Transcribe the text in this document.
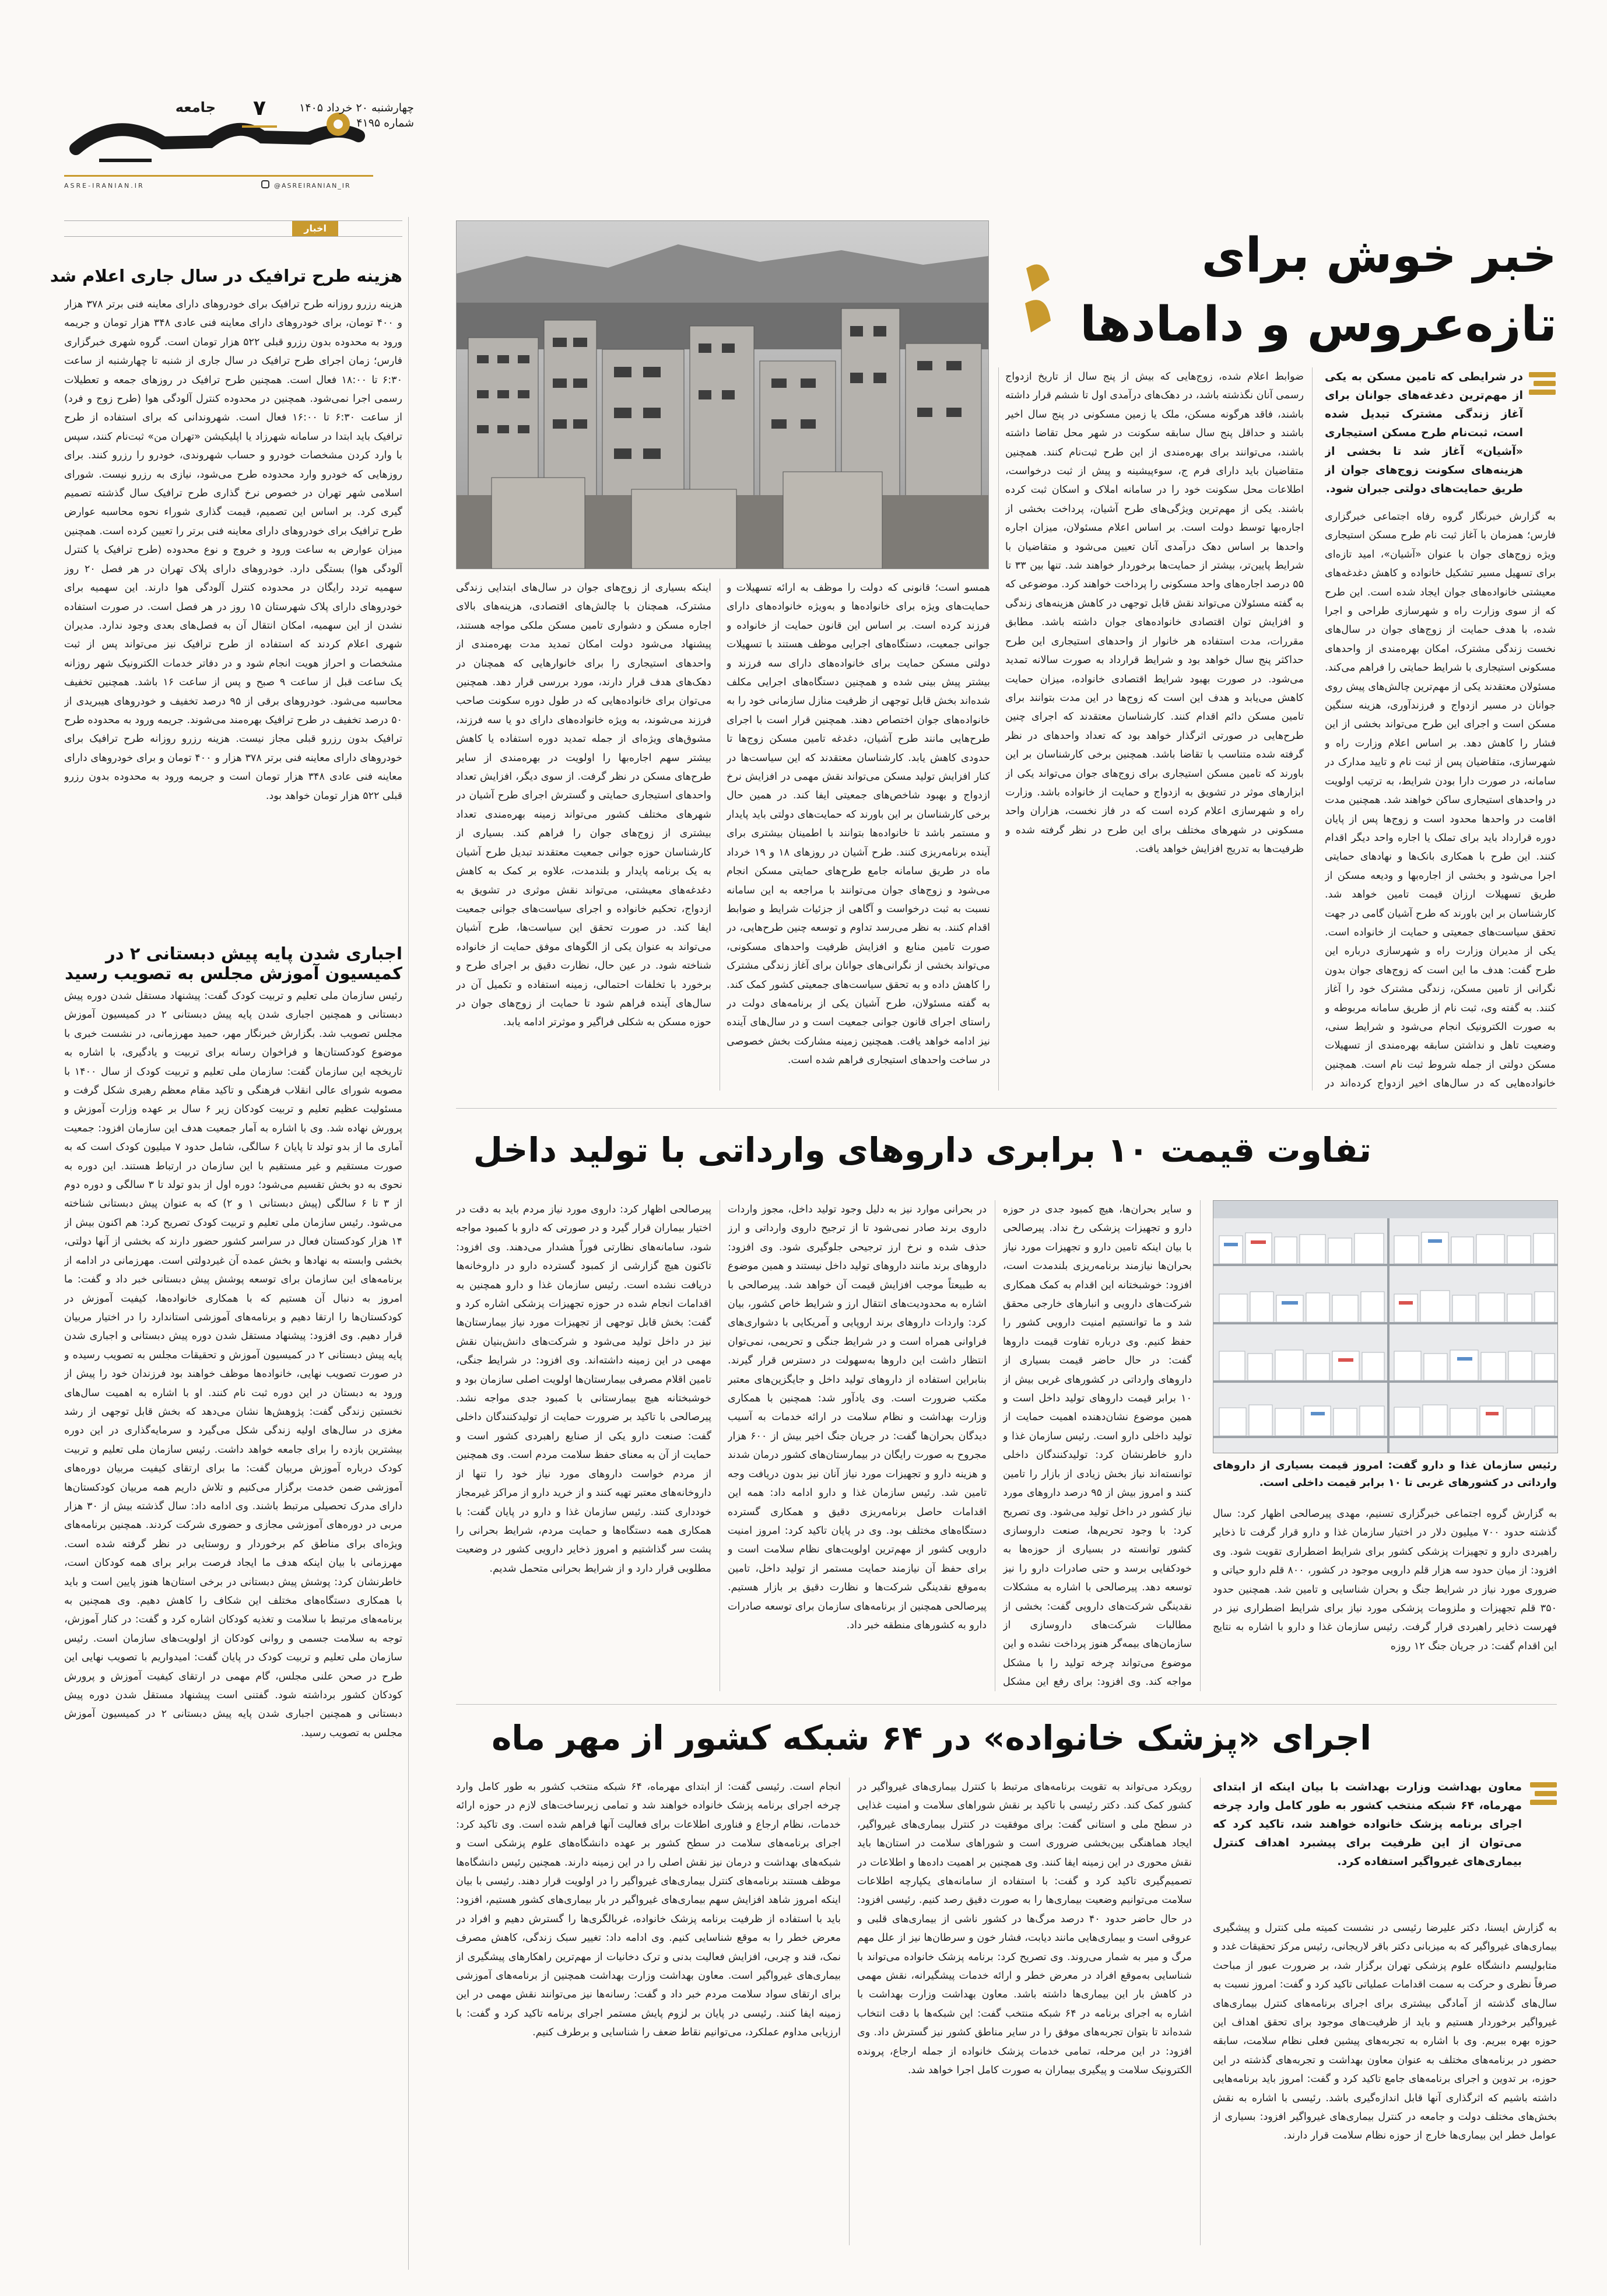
ASRE-IRANIAN.IR	@ASREIRANIAN_IR
جامعه	۷	چهارشنبه ۲۰ خرداد ۱۴۰۵
شماره ۴۱۹۵
اخبار
هزینه طرح ترافیک در سال جاری اعلام شد
هزینه رزرو روزانه طرح ترافیک برای خودروهای دارای معاینه فنی برتر ۳۷۸ هزار و ۴۰۰ تومان، برای خودروهای دارای معاینه فنی عادی ۳۴۸ هزار تومان و جریمه ورود به محدوده بدون رزرو قبلی ۵۲۲ هزار تومان است. گروه شهری خبرگزاری فارس؛ زمان اجرای طرح ترافیک در سال جاری از شنبه تا چهارشنبه از ساعت ۶:۳۰ تا ۱۸:۰۰ فعال است. همچنین طرح ترافیک در روزهای جمعه و تعطیلات رسمی اجرا نمی‌شود. همچنین در محدوده کنترل آلودگی هوا (طرح زوج و فرد) از ساعت ۶:۳۰ تا ۱۶:۰۰ فعال است. شهروندانی که برای استفاده از طرح ترافیک باید ابتدا در سامانه شهرزاد یا اپلیکیشن «تهران من» ثبت‌نام کنند، سپس با وارد کردن مشخصات خودرو و حساب شهروندی، خودرو را رزرو کنند. برای روزهایی که خودرو وارد محدوده طرح می‌شود، نیازی به رزرو نیست. شورای اسلامی شهر تهران در خصوص نرخ گذاری طرح ترافیک سال گذشته تصمیم گیری کرد. بر اساس این تصمیم، قیمت گذاری شوراء نحوه محاسبه عوارض طرح ترافیک برای خودروهای دارای معاینه فنی برتر را تعیین کرده است. همچنین میزان عوارض به ساعت ورود و خروج و نوع محدوده (طرح ترافیک یا کنترل آلودگی هوا) بستگی دارد. خودروهای دارای پلاک تهران در هر فصل ۲۰ روز سهمیه تردد رایگان در محدوده کنترل آلودگی هوا دارند. این سهمیه برای خودروهای دارای پلاک شهرستان ۱۵ روز در هر فصل است. در صورت استفاده نشدن از این سهمیه، امکان انتقال آن به فصل‌های بعدی وجود ندارد. مدیران شهری اعلام کردند که استفاده از طرح ترافیک نیز می‌تواند پس از ثبت مشخصات و احراز هویت انجام شود و در دفاتر خدمات الکترونیک شهر روزانه یک ساعت قبل از ساعت ۹ صبح و پس از ساعت ۱۶ باشد. همچنین تخفیف محاسبه می‌شود. خودروهای برقی از ۹۵ درصد تخفیف و خودروهای هیبریدی از ۵۰ درصد تخفیف در طرح ترافیک بهره‌مند می‌شوند. جریمه ورود به محدوده طرح ترافیک بدون رزرو قبلی مجاز نیست. هزینه رزرو روزانه طرح ترافیک برای خودروهای دارای معاینه فنی برتر ۳۷۸ هزار و ۴۰۰ تومان و برای خودروهای دارای معاینه فنی عادی ۳۴۸ هزار تومان است و جریمه ورود به محدوده بدون رزرو قبلی ۵۲۲ هزار تومان خواهد بود.
اجباری شدن پایه پیش دبستانی ۲ در
کمیسیون آموزش مجلس به تصویب رسید
رئیس سازمان ملی تعلیم و تربیت کودک گفت: پیشنهاد مستقل شدن دوره پیش دبستانی و همچنین اجباری شدن پایه پیش دبستانی ۲ در کمیسیون آموزش مجلس تصویب شد. بگزارش خبرنگار مهر، حمید مهرزمانی، در نشست خبری با موضوع کودکستان‌ها و فراخوان رسانه برای تربیت و یادگیری، با اشاره به تاریخچه این سازمان گفت: سازمان ملی تعلیم و تربیت کودک از سال ۱۴۰۰ با مصوبه شورای عالی انقلاب فرهنگی و تاکید مقام معظم رهبری شکل گرفت و مسئولیت عظیم تعلیم و تربیت کودکان زیر ۶ سال بر عهده وزارت آموزش و پرورش نهاده شد. وی با اشاره به آمار جمعیت هدف این سازمان افزود: جمعیت آماری ما از بدو تولد تا پایان ۶ سالگی، شامل حدود ۷ میلیون کودک است که به صورت مستقیم و غیر مستقیم با این سازمان در ارتباط هستند. این دوره به نحوی به دو بخش تقسیم می‌شود؛ دوره اول از بدو تولد تا ۳ سالگی و دوره دوم از ۳ تا ۶ سالگی (پیش دبستانی ۱ و ۲) که به عنوان پیش دبستانی شناخته می‌شود. رئیس سازمان ملی تعلیم و تربیت کودک تصریح کرد: هم اکنون بیش از ۱۴ هزار کودکستان فعال در سراسر کشور حضور دارند که بخشی از آنها دولتی، بخشی وابسته به نهادها و بخش عمده آن غیردولتی است. مهرزمانی در ادامه از برنامه‌های این سازمان برای توسعه پوشش پیش دبستانی خبر داد و گفت: ما امروز به دنبال آن هستیم که با همکاری خانواده‌ها، کیفیت آموزش در کودکستان‌ها را ارتقا دهیم و برنامه‌های آموزشی استاندارد را در اختیار مربیان قرار دهیم. وی افزود: پیشنهاد مستقل شدن دوره پیش دبستانی و اجباری شدن پایه پیش دبستانی ۲ در کمیسیون آموزش و تحقیقات مجلس به تصویب رسیده و در صورت تصویب نهایی، خانواده‌ها موظف خواهند بود فرزندان خود را پیش از ورود به دبستان در این دوره ثبت نام کنند. او با اشاره به اهمیت سال‌های نخستین زندگی گفت: پژوهش‌ها نشان می‌دهد که بخش قابل توجهی از رشد مغزی در سال‌های اولیه زندگی شکل می‌گیرد و سرمایه‌گذاری در این دوره بیشترین بازده را برای جامعه خواهد داشت. رئیس سازمان ملی تعلیم و تربیت کودک درباره آموزش مربیان گفت: ما برای ارتقای کیفیت مربیان دوره‌های آموزشی ضمن خدمت برگزار می‌کنیم و تلاش داریم همه مربیان کودکستان‌ها دارای مدرک تحصیلی مرتبط باشند. وی ادامه داد: سال گذشته بیش از ۳۰ هزار مربی در دوره‌های آموزشی مجازی و حضوری شرکت کردند. همچنین برنامه‌های ویژه‌ای برای مناطق کم برخوردار و روستایی در نظر گرفته شده است. مهرزمانی با بیان اینکه هدف ما ایجاد فرصت برابر برای همه کودکان است، خاطرنشان کرد: پوشش پیش دبستانی در برخی استان‌ها هنوز پایین است و باید با همکاری دستگاه‌های مختلف این شکاف را کاهش دهیم. وی همچنین به برنامه‌های مرتبط با سلامت و تغذیه کودکان اشاره کرد و گفت: در کنار آموزش، توجه به سلامت جسمی و روانی کودکان از اولویت‌های سازمان است. رئیس سازمان ملی تعلیم و تربیت کودک در پایان گفت: امیدواریم با تصویب نهایی این طرح در صحن علنی مجلس، گام مهمی در ارتقای کیفیت آموزش و پرورش کودکان کشور برداشته شود. گفتنی است پیشنهاد مستقل شدن دوره پیش دبستانی و همچنین اجباری شدن پایه پیش دبستانی ۲ در کمیسیون آموزش مجلس به تصویب رسید.
خبر خوش برای
تازه‌عروس و دامادها
در شرایطی که تامین مسکن به یکی از مهم‌ترین دغدغه‌های جوانان برای آغاز زندگی مشترک تبدیل شده است، ثبت‌نام طرح مسکن استیجاری «آشیان» آغاز شد تا بخشی از هزینه‌های سکونت زوج‌های جوان از طریق حمایت‌های دولتی جبران شود.
به گزارش خبرنگار گروه رفاه اجتماعی خبرگزاری فارس؛ همزمان با آغاز ثبت نام طرح مسکن استیجاری ویژه زوج‌های جوان با عنوان «آشیان»، امید تازه‌ای برای تسهیل مسیر تشکیل خانواده و کاهش دغدغه‌های معیشتی خانواده‌های جوان ایجاد شده است. این طرح که از سوی وزارت راه و شهرسازی طراحی و اجرا شده، با هدف حمایت از زوج‌های جوان در سال‌های نخست زندگی مشترک، امکان بهره‌مندی از واحدهای مسکونی استیجاری با شرایط حمایتی را فراهم می‌کند. مسئولان معتقدند یکی از مهم‌ترین چالش‌های پیش روی جوانان در مسیر ازدواج و فرزندآوری، هزینه سنگین مسکن است و اجرای این طرح می‌تواند بخشی از این فشار را کاهش دهد. بر اساس اعلام وزارت راه و شهرسازی، متقاضیان پس از ثبت نام و تایید مدارک در سامانه، در صورت دارا بودن شرایط، به ترتیب اولویت در واحدهای استیجاری ساکن خواهند شد. همچنین مدت اقامت در واحدها محدود است و زوج‌ها پس از پایان دوره قرارداد باید برای تملک یا اجاره واحد دیگر اقدام کنند. این طرح با همکاری بانک‌ها و نهادهای حمایتی اجرا می‌شود و بخشی از اجاره‌بها و ودیعه مسکن از طریق تسهیلات ارزان قیمت تامین خواهد شد. کارشناسان بر این باورند که طرح آشیان گامی در جهت تحقق سیاست‌های جمعیتی و حمایت از خانواده است. یکی از مدیران وزارت راه و شهرسازی درباره این طرح گفت: هدف ما این است که زوج‌های جوان بدون نگرانی از تامین مسکن، زندگی مشترک خود را آغاز کنند. به گفته وی، ثبت نام از طریق سامانه مربوطه و به صورت الکترونیک انجام می‌شود و شرایط سنی، وضعیت تاهل و نداشتن سابقه بهره‌مندی از تسهیلات مسکن دولتی از جمله شروط ثبت نام است. همچنین خانواده‌هایی که در سال‌های اخیر ازدواج کرده‌اند در
ضوابط اعلام شده، زوج‌هایی که بیش از پنج سال از تاریخ ازدواج رسمی آنان نگذشته باشد، در دهک‌های درآمدی اول تا ششم قرار داشته باشند، فاقد هرگونه مسکن، ملک یا زمین مسکونی در پنج سال اخیر باشند و حداقل پنج سال سابقه سکونت در شهر محل تقاضا داشته باشند، می‌توانند برای بهره‌مندی از این طرح ثبت‌نام کنند. همچنین متقاضیان باید دارای فرم ج، سوءپیشینه و پیش از ثبت درخواست، اطلاعات محل سکونت خود را در سامانه املاک و اسکان ثبت کرده باشند. یکی از مهم‌ترین ویژگی‌های طرح آشیان، پرداخت بخشی از اجاره‌بها توسط دولت است. بر اساس اعلام مسئولان، میزان اجاره واحدها بر اساس دهک درآمدی آنان تعیین می‌شود و متقاضیان با شرایط پایین‌تر، بیشتر از حمایت‌ها برخوردار خواهند شد. تنها بین ۳۳ تا ۵۵ درصد اجاره‌های واحد مسکونی را پرداخت خواهند کرد. موضوعی که به گفته مسئولان می‌تواند نقش قابل توجهی در کاهش هزینه‌های زندگی و افزایش توان اقتصادی خانواده‌های جوان داشته باشد. مطابق مقررات، مدت استفاده هر خانوار از واحدهای استیجاری این طرح حداکثر پنج سال خواهد بود و شرایط قرارداد به صورت سالانه تمدید می‌شود. در صورت بهبود شرایط اقتصادی خانواده، میزان حمایت کاهش می‌یابد و هدف این است که زوج‌ها در این مدت بتوانند برای تامین مسکن دائم اقدام کنند. کارشناسان معتقدند که اجرای چنین طرح‌هایی در صورتی اثرگذار خواهد بود که تعداد واحدهای در نظر گرفته شده متناسب با تقاضا باشد. همچنین برخی کارشناسان بر این باورند که تامین مسکن استیجاری برای زوج‌های جوان می‌تواند یکی از ابزارهای موثر در تشویق به ازدواج و حمایت از خانواده باشد. وزارت راه و شهرسازی اعلام کرده است که در فاز نخست، هزاران واحد مسکونی در شهرهای مختلف برای این طرح در نظر گرفته شده و ظرفیت‌ها به تدریج افزایش خواهد یافت.
همسو است؛ قانونی که دولت را موظف به ارائه تسهیلات و حمایت‌های ویژه برای خانواده‌ها و به‌ویژه خانواده‌های دارای فرزند کرده است. بر اساس این قانون حمایت از خانواده و جوانی جمعیت، دستگاه‌های اجرایی موظف هستند با تسهیلات دولتی مسکن حمایت برای خانواده‌های دارای سه فرزند و بیشتر پیش بینی شده و همچنین دستگاه‌های اجرایی مکلف شده‌اند بخش قابل توجهی از ظرفیت منازل سازمانی خود را به خانواده‌های جوان اختصاص دهند. همچنین قرار است با اجرای طرح‌هایی مانند طرح آشیان، دغدغه تامین مسکن زوج‌ها تا حدودی کاهش یابد. کارشناسان معتقدند که این سیاست‌ها در کنار افزایش تولید مسکن می‌تواند نقش مهمی در افزایش نرخ ازدواج و بهبود شاخص‌های جمعیتی ایفا کند. در همین حال برخی کارشناسان بر این باورند که حمایت‌های دولتی باید پایدار و مستمر باشد تا خانواده‌ها بتوانند با اطمینان بیشتری برای آینده برنامه‌ریزی کنند. طرح آشیان در روزهای ۱۸ و ۱۹ خرداد ماه در طریق سامانه جامع طرح‌های حمایتی مسکن انجام می‌شود و زوج‌های جوان می‌توانند با مراجعه به این سامانه نسبت به ثبت درخواست و آگاهی از جزئیات شرایط و ضوابط اقدام کنند. به نظر می‌رسد تداوم و توسعه چنین طرح‌هایی، در صورت تامین منابع و افزایش ظرفیت واحدهای مسکونی، می‌تواند بخشی از نگرانی‌های جوانان برای آغاز زندگی مشترک را کاهش داده و به تحقق سیاست‌های جمعیتی کشور کمک کند. به گفته مسئولان، طرح آشیان یکی از برنامه‌های دولت در راستای اجرای قانون جوانی جمعیت است و در سال‌های آینده نیز ادامه خواهد یافت. همچنین زمینه مشارکت بخش خصوصی در ساخت واحدهای استیجاری فراهم شده است.
اینکه بسیاری از زوج‌های جوان در سال‌های ابتدایی زندگی مشترک، همچنان با چالش‌های اقتصادی، هزینه‌های بالای اجاره مسکن و دشواری تامین مسکن ملکی مواجه هستند، پیشنهاد می‌شود دولت امکان تمدید مدت بهره‌مندی از واحدهای استیجاری را برای خانوارهایی که همچنان در دهک‌های هدف قرار دارند، مورد بررسی قرار دهد. همچنین می‌توان برای خانواده‌هایی که در طول دوره سکونت صاحب فرزند می‌شوند، به ویژه خانواده‌های دارای دو یا سه فرزند، مشوق‌های ویژه‌ای از جمله تمدید دوره استفاده یا کاهش بیشتر سهم اجاره‌بها را اولویت در بهره‌مندی از سایر طرح‌های مسکن در نظر گرفت. از سوی دیگر، افزایش تعداد واحدهای استیجاری حمایتی و گسترش اجرای طرح آشیان در شهرهای مختلف کشور می‌تواند زمینه بهره‌مندی تعداد بیشتری از زوج‌های جوان را فراهم کند. بسیاری از کارشناسان حوزه جوانی جمعیت معتقدند تبدیل طرح آشیان به یک برنامه پایدار و بلندمدت، علاوه بر کمک به کاهش دغدغه‌های معیشتی، می‌تواند نقش موثری در تشویق به ازدواج، تحکیم خانواده و اجرای سیاست‌های جوانی جمعیت ایفا کند. در صورت تحقق این سیاست‌ها، طرح آشیان می‌تواند به عنوان یکی از الگوهای موفق حمایت از خانواده شناخته شود. در عین حال، نظارت دقیق بر اجرای طرح و برخورد با تخلفات احتمالی، زمینه استفاده و تکمیل آن در سال‌های آینده فراهم شود تا حمایت از زوج‌های جوان در حوزه مسکن به شکلی فراگیر و موثرتر ادامه یابد.
تفاوت قیمت ۱۰ برابری داروهای وارداتی با تولید داخل
رئیس سازمان غذا و دارو گفت: امروز قیمت بسیاری از داروهای وارداتی در کشورهای غربی تا ۱۰ برابر قیمت داخلی است.
به گزارش گروه اجتماعی خبرگزاری تسنیم، مهدی پیرصالحی اظهار کرد: سال گذشته حدود ۷۰۰ میلیون دلار در اختیار سازمان غذا و دارو قرار گرفت تا ذخایر راهبردی دارو و تجهیزات پزشکی کشور برای شرایط اضطراری تقویت شود. وی افزود: از میان حدود سه هزار قلم دارویی موجود در کشور، ۸۰۰ قلم دارو حیاتی و ضروری مورد نیاز در شرایط جنگ و بحران شناسایی و تامین شد. همچنین حدود ۳۵۰ قلم تجهیزات و ملزومات پزشکی مورد نیاز برای شرایط اضطراری نیز در فهرست ذخایر راهبردی قرار گرفت. رئیس سازمان غذا و دارو با اشاره به نتایج این اقدام گفت: در جریان جنگ ۱۲ روزه
و سایر بحران‌ها، هیچ کمبود جدی در حوزه دارو و تجهیزات پزشکی رخ نداد. پیرصالحی با بیان اینکه تامین دارو و تجهیزات مورد نیاز بحران‌ها نیازمند برنامه‌ریزی بلندمدت است، افزود: خوشبختانه این اقدام به کمک همکاری شرکت‌های دارویی و انبارهای خارجی محقق شد و ما توانستیم امنیت دارویی کشور را حفظ کنیم. وی درباره تفاوت قیمت داروها گفت: در حال حاضر قیمت بسیاری از داروهای وارداتی در کشورهای غربی بیش از ۱۰ برابر قیمت داروهای تولید داخل است و همین موضوع نشان‌دهنده اهمیت حمایت از تولید داخلی دارو است. رئیس سازمان غذا و دارو خاطرنشان کرد: تولیدکنندگان داخلی توانسته‌اند نیاز بخش زیادی از بازار را تامین کنند و امروز بیش از ۹۵ درصد داروهای مورد نیاز کشور در داخل تولید می‌شود. وی تصریح کرد: با وجود تحریم‌ها، صنعت داروسازی کشور توانسته در بسیاری از حوزه‌ها به خودکفایی برسد و حتی صادرات دارو را نیز توسعه دهد. پیرصالحی با اشاره به مشکلات نقدینگی شرکت‌های دارویی گفت: بخشی از مطالبات شرکت‌های داروسازی از سازمان‌های بیمه‌گر هنوز پرداخت نشده و این موضوع می‌تواند چرخه تولید را با مشکل مواجه کند. وی افزود: برای رفع این مشکل
در بحرانی موارد نیز به دلیل وجود تولید داخل، مجوز واردات داروی برند صادر نمی‌شود تا از ترجیح داروی وارداتی و ارز حذف شده و نرخ ارز ترجیحی جلوگیری شود. وی افزود: داروهای برند مانند داروهای تولید داخل نیستند و همین موضوع به طبیعتاً موجب افزایش قیمت آن خواهد شد. پیرصالحی با اشاره به محدودیت‌های انتقال ارز و شرایط خاص کشور، بیان کرد: واردات داروهای برند اروپایی و آمریکایی با دشواری‌های فراوانی همراه است و در شرایط جنگی و تحریمی، نمی‌توان انتظار داشت این داروها به‌سهولت در دسترس قرار گیرند. بنابراین استفاده از داروهای تولید داخل و جایگزین‌های معتبر مکتب ضرورت است. وی یادآور شد: همچنین با همکاری وزارت بهداشت و نظام سلامت در ارائه خدمات به آسیب دیدگان بحران‌ها گفت: در جریان جنگ اخیر بیش از ۶۰۰ هزار مجروح به صورت رایگان در بیمارستان‌های کشور درمان شدند و هزینه دارو و تجهیزات مورد نیاز آنان نیز بدون دریافت وجه تامین شد. رئیس سازمان غذا و دارو ادامه داد: همه این اقدامات حاصل برنامه‌ریزی دقیق و همکاری گسترده دستگاه‌های مختلف بود. وی در پایان تاکید کرد: امروز امنیت دارویی کشور از مهم‌ترین اولویت‌های نظام سلامت است و برای حفظ آن نیازمند حمایت مستمر از تولید داخل، تامین به‌موقع نقدینگی شرکت‌ها و نظارت دقیق بر بازار هستیم. پیرصالحی همچنین از برنامه‌های سازمان برای توسعه صادرات دارو به کشورهای منطقه خبر داد.
پیرصالحی اظهار کرد: داروی مورد نیاز مردم باید به دقت در اختیار بیماران قرار گیرد و در صورتی که دارو با کمبود مواجه شود، سامانه‌های نظارتی فوراً هشدار می‌دهند. وی افزود: تاکنون هیچ گزارشی از کمبود گسترده دارو در داروخانه‌ها دریافت نشده است. رئیس سازمان غذا و دارو همچنین به اقدامات انجام شده در حوزه تجهیزات پزشکی اشاره کرد و گفت: بخش قابل توجهی از تجهیزات مورد نیاز بیمارستان‌ها نیز در داخل تولید می‌شود و شرکت‌های دانش‌بنیان نقش مهمی در این زمینه داشته‌اند. وی افزود: در شرایط جنگی، تامین اقلام مصرفی بیمارستان‌ها اولویت اصلی سازمان بود و خوشبختانه هیچ بیمارستانی با کمبود جدی مواجه نشد. پیرصالحی با تاکید بر ضرورت حمایت از تولیدکنندگان داخلی گفت: صنعت دارو یکی از صنایع راهبردی کشور است و حمایت از آن به معنای حفظ سلامت مردم است. وی همچنین از مردم خواست داروهای مورد نیاز خود را تنها از داروخانه‌های معتبر تهیه کنند و از خرید دارو از مراکز غیرمجاز خودداری کنند. رئیس سازمان غذا و دارو در پایان گفت: با همکاری همه دستگاه‌ها و حمایت مردم، شرایط بحرانی را پشت سر گذاشتیم و امروز ذخایر دارویی کشور در وضعیت مطلوبی قرار دارد و از شرایط بحرانی متحمل شدیم.
اجرای «پزشک خانواده» در ۶۴ شبکه کشور از مهر ماه
معاون بهداشت وزارت بهداشت با بیان اینکه از ابتدای مهرماه، ۶۴ شبکه منتخب کشور به طور کامل وارد چرخه اجرای برنامه پزشک خانواده خواهند شد، تاکید کرد که می‌توان از این ظرفیت برای پیشبرد اهداف کنترل بیماری‌های غیرواگیر استفاده کرد.
به گزارش ایسنا، دکتر علیرضا رئیسی در نشست کمیته ملی کنترل و پیشگیری بیماری‌های غیرواگیر که به میزبانی دکتر باقر لاریجانی، رئیس مرکز تحقیقات غدد و متابولیسم دانشگاه علوم پزشکی تهران برگزار شد، بر ضرورت عبور از مباحث صرفاً نظری و حرکت به سمت اقدامات عملیاتی تاکید کرد و گفت: امروز نسبت به سال‌های گذشته از آمادگی بیشتری برای اجرای برنامه‌های کنترل بیماری‌های غیرواگیر برخوردار هستیم و باید از ظرفیت‌های موجود برای تحقق اهداف این حوزه بهره ببریم. وی با اشاره به تجربه‌های پیشین فعلی نظام سلامت، سابقه حضور در برنامه‌های مختلف به عنوان معاون بهداشت و تجربه‌های گذشته در این حوزه، بر تدوین و اجرای برنامه‌های جامع تاکید کرد و گفت: امروز باید برنامه‌هایی داشته باشیم که اثرگذاری آنها قابل اندازه‌گیری باشد. رئیسی با اشاره به نقش بخش‌های مختلف دولت و جامعه در کنترل بیماری‌های غیرواگیر افزود: بسیاری از عوامل خطر این بیماری‌ها خارج از حوزه نظام سلامت قرار دارند.
رویکرد می‌تواند به تقویت برنامه‌های مرتبط با کنترل بیماری‌های غیرواگیر در کشور کمک کند. دکتر رئیسی با تاکید بر نقش شوراهای سلامت و امنیت غذایی در سطح ملی و استانی گفت: برای موفقیت در کنترل بیماری‌های غیرواگیر، ایجاد هماهنگی بین‌بخشی ضروری است و شوراهای سلامت در استان‌ها باید نقش محوری در این زمینه ایفا کنند. وی همچنین بر اهمیت داده‌ها و اطلاعات در تصمیم‌گیری تاکید کرد و گفت: با استفاده از سامانه‌های یکپارچه اطلاعات سلامت می‌توانیم وضعیت بیماری‌ها را به صورت دقیق رصد کنیم. رئیسی افزود: در حال حاضر حدود ۴۰ درصد مرگ‌ها در کشور ناشی از بیماری‌های قلبی و عروقی است و بیماری‌هایی مانند دیابت، فشار خون و سرطان‌ها نیز از علل مهم مرگ و میر به شمار می‌روند. وی تصریح کرد: برنامه پزشک خانواده می‌تواند با شناسایی به‌موقع افراد در معرض خطر و ارائه خدمات پیشگیرانه، نقش مهمی در کاهش بار این بیماری‌ها داشته باشد. معاون بهداشت وزارت بهداشت با اشاره به اجرای برنامه در ۶۴ شبکه منتخب گفت: این شبکه‌ها با دقت انتخاب شده‌اند تا بتوان تجربه‌های موفق را در سایر مناطق کشور نیز گسترش داد. وی افزود: در این مرحله، تمامی خدمات پزشک خانواده از جمله ارجاع، پرونده الکترونیک سلامت و پیگیری بیماران به صورت کامل اجرا خواهد شد.
انجام است. رئیسی گفت: از ابتدای مهرماه، ۶۴ شبکه منتخب کشور به طور کامل وارد چرخه اجرای برنامه پزشک خانواده خواهند شد و تمامی زیرساخت‌های لازم در حوزه ارائه خدمات، نظام ارجاع و فناوری اطلاعات برای فعالیت آنها فراهم شده است. وی تاکید کرد: اجرای برنامه‌های سلامت در سطح کشور بر عهده دانشگاه‌های علوم پزشکی است و شبکه‌های بهداشت و درمان نیز نقش اصلی را در این زمینه دارند. همچنین رئیس دانشگاه‌ها موظف هستند برنامه‌های کنترل بیماری‌های غیرواگیر را در اولویت قرار دهند. رئیسی با بیان اینکه امروز شاهد افزایش سهم بیماری‌های غیرواگیر در بار بیماری‌های کشور هستیم، افزود: باید با استفاده از ظرفیت برنامه پزشک خانواده، غربالگری‌ها را گسترش دهیم و افراد در معرض خطر را به موقع شناسایی کنیم. وی ادامه داد: تغییر سبک زندگی، کاهش مصرف نمک، قند و چربی، افزایش فعالیت بدنی و ترک دخانیات از مهم‌ترین راهکارهای پیشگیری از بیماری‌های غیرواگیر است. معاون بهداشت وزارت بهداشت همچنین از برنامه‌های آموزشی برای ارتقای سواد سلامت مردم خبر داد و گفت: رسانه‌ها نیز می‌توانند نقش مهمی در این زمینه ایفا کنند. رئیسی در پایان بر لزوم پایش مستمر اجرای برنامه تاکید کرد و گفت: با ارزیابی مداوم عملکرد، می‌توانیم نقاط ضعف را شناسایی و برطرف کنیم.
